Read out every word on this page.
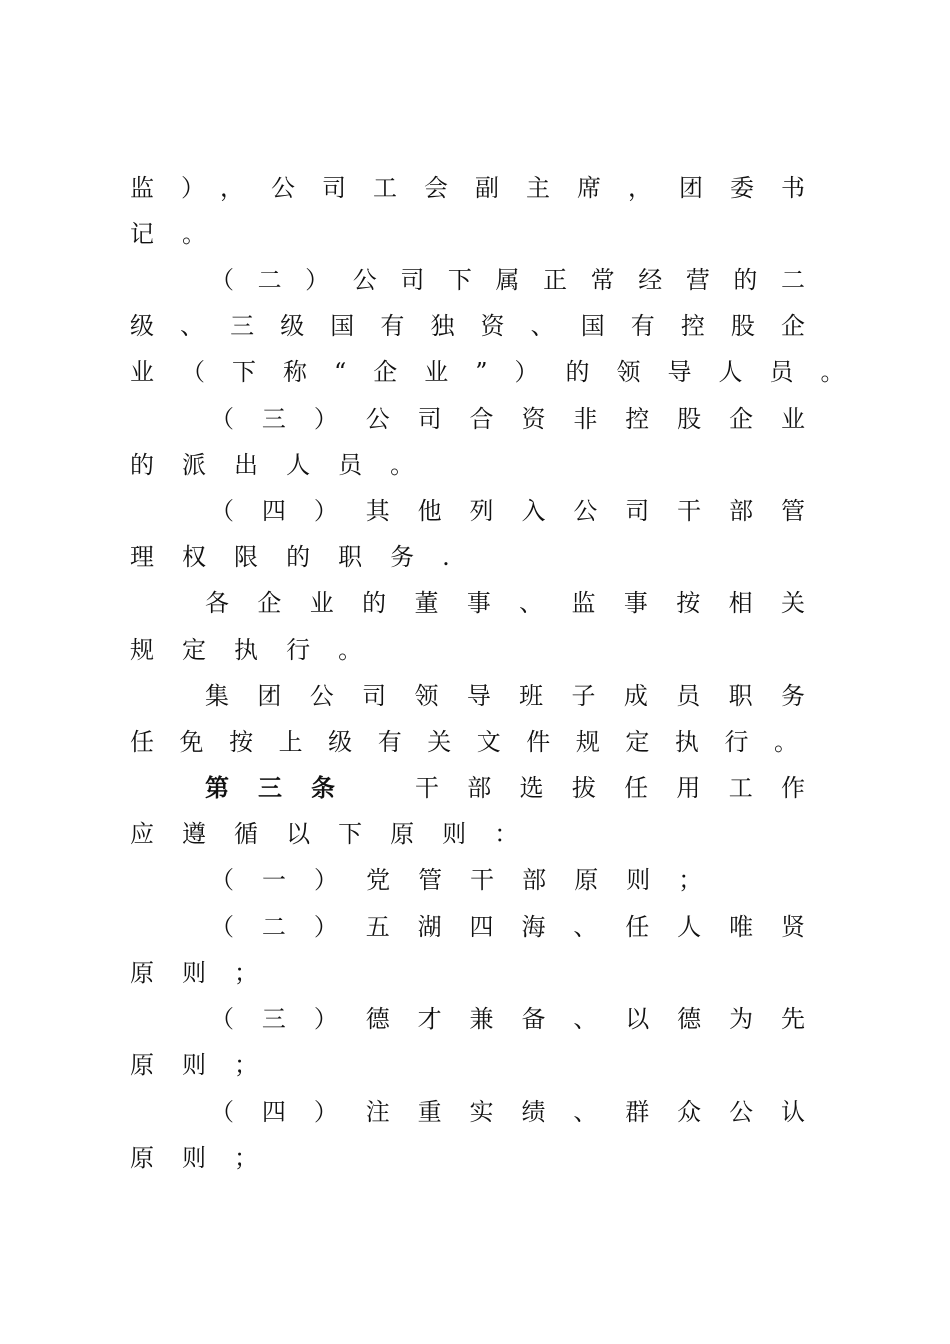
监），公司工会副主席，团委书

记 。

（二）公司下属正常经营的二

级、三级国有独资、国有控股企

业（下称“企业”）的领导人员。

（三）公司合资非控股企业

的 派 出 人 员 。

（四）其他列入公司干部管

理 权 限 的 职 务 .

各企业的董事、监事按相关

规 定 执 行 。

集团公司领导班子成员职务

任免按上级有关文件规定执行。

第三条 干部选拔任用工作

应 遵 循 以 下 原 则 ：

（ 一 ） 党 管 干 部 原 则 ；

（二）五湖四海、任人唯贤

原 则 ；

（三）德才兼备、以德为先

原 则 ；

（四）注重实绩、群众公认

原 则 ；
